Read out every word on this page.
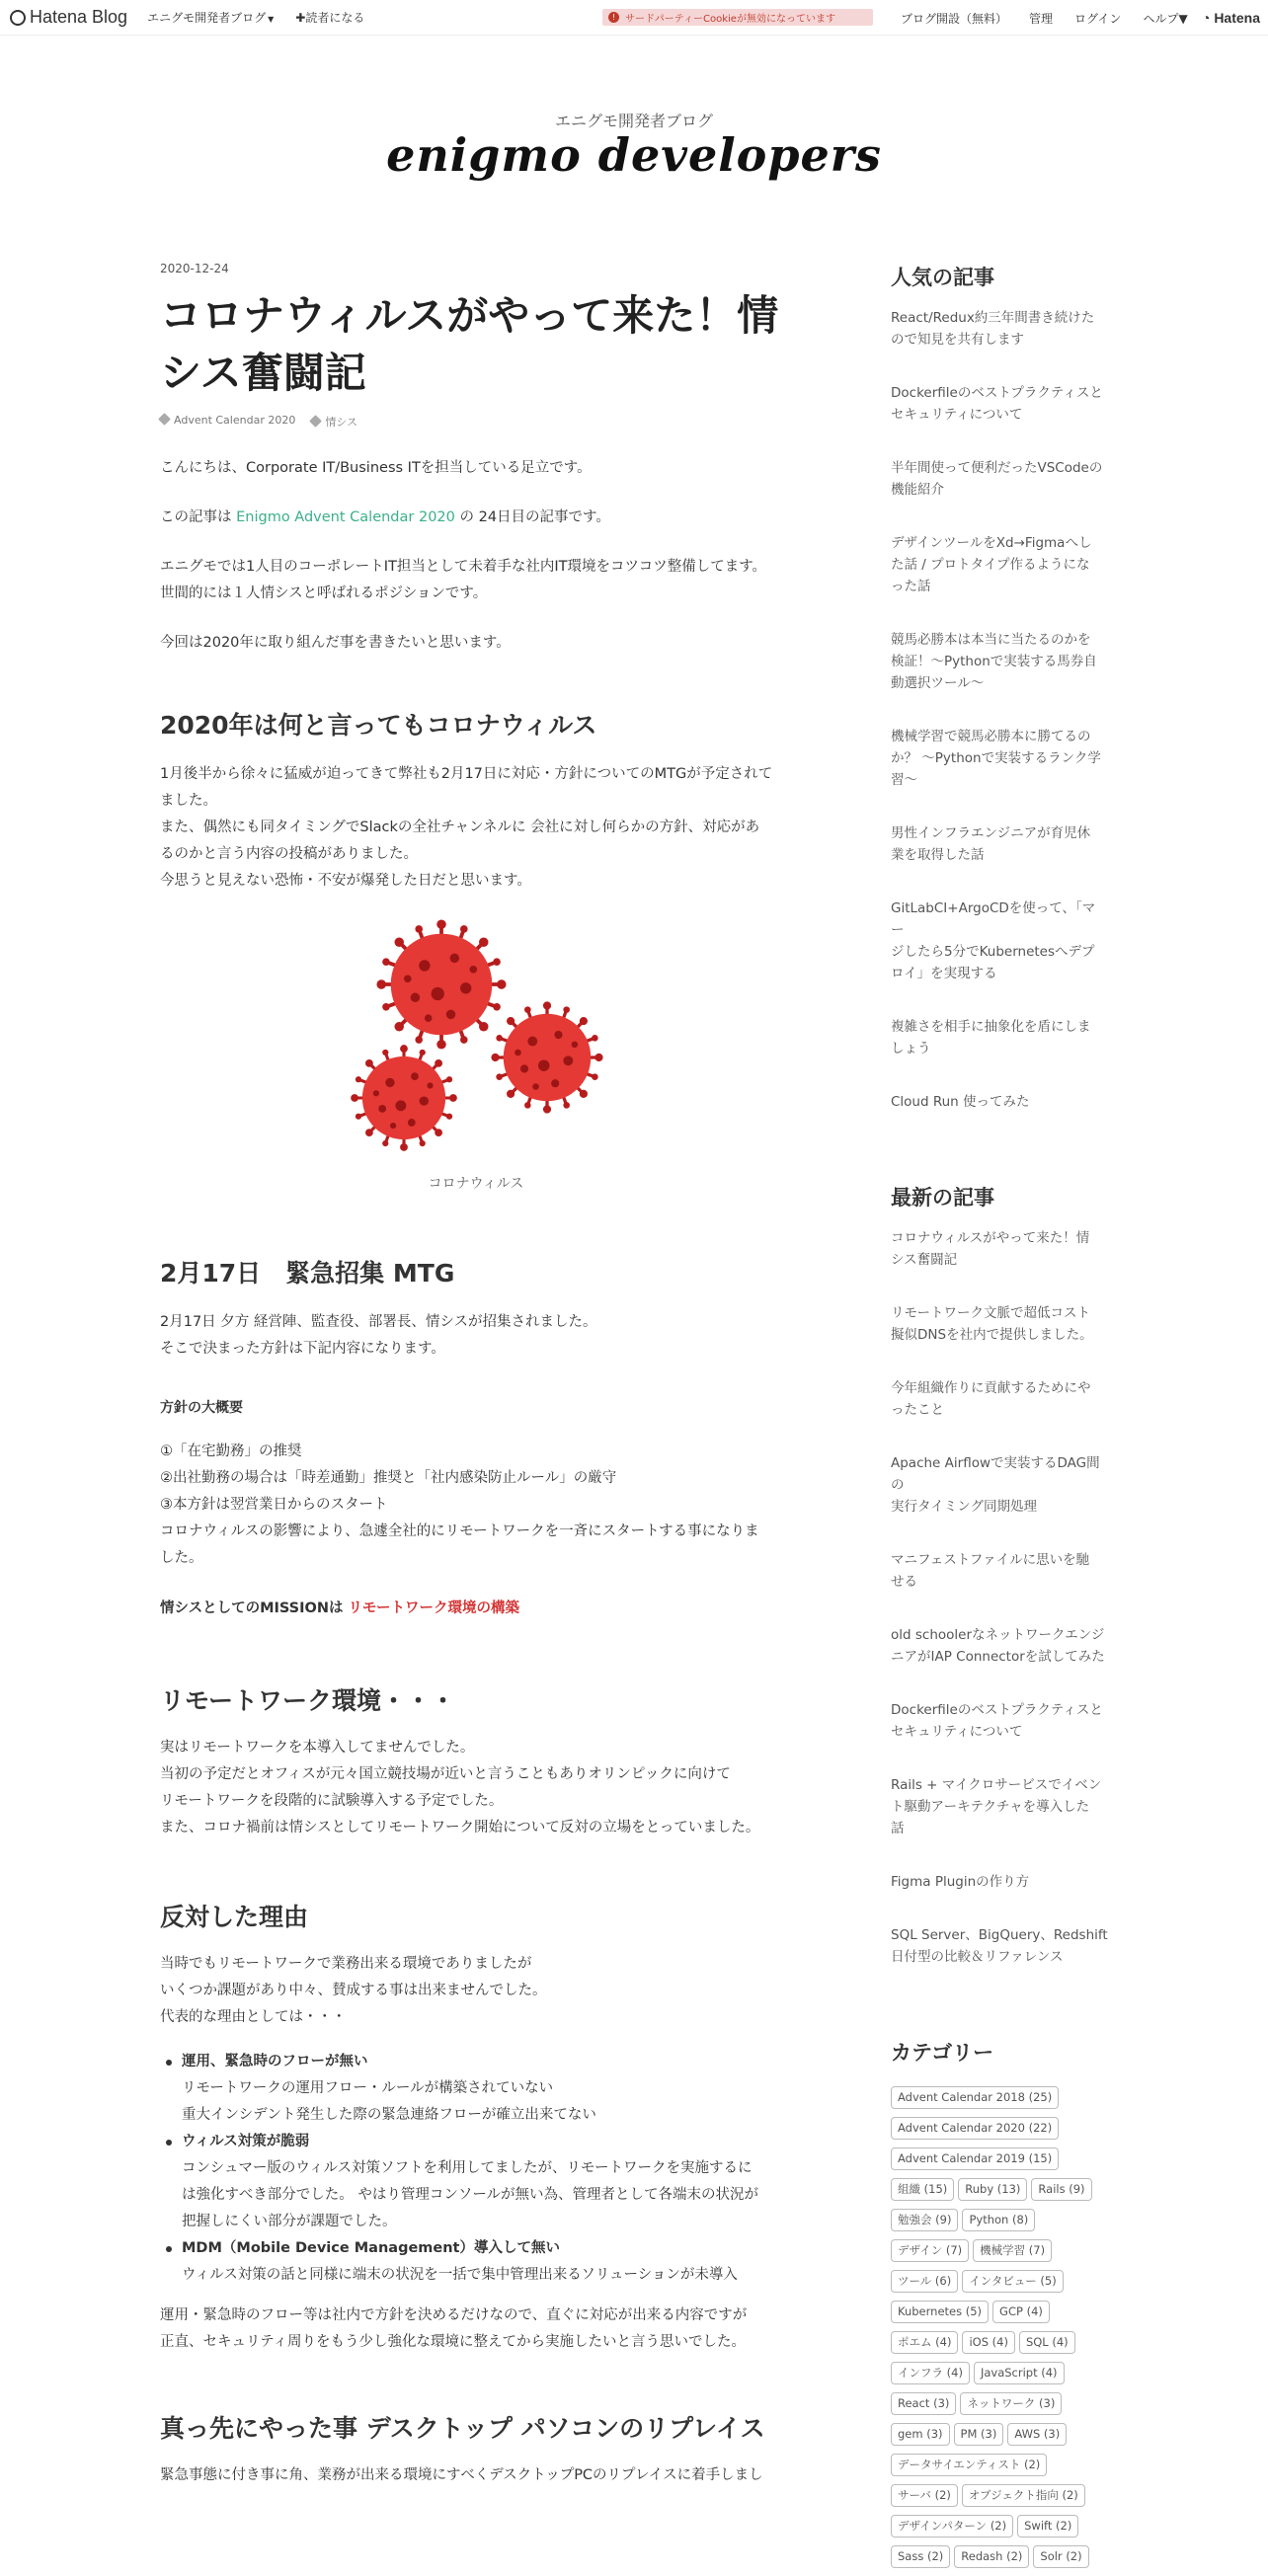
Hatena Blog エニグモ開発者ブログ ▼ ✚読者になる	! サードパーティーCookieが無効になっています	ブログ開設（無料） 管理 ログイン ヘルプ▼ ◔ Hatena
エニグモ開発者ブログ
enigmo developers
2020-12-24
コロナウィルスがやって来た！情
シス奮闘記
Advent Calendar 2020	情シス
こんにちは、Corporate IT/Business ITを担当している足立です。
この記事は Enigmo Advent Calendar 2020 の 24日目の記事です。
エニグモでは1人目のコーポレートIT担当として未着手な社内IT環境をコツコツ整備してます。
世間的には１人情シスと呼ばれるポジションです。
今回は2020年に取り組んだ事を書きたいと思います。
2020年は何と言ってもコロナウィルス
1月後半から徐々に猛威が迫ってきて弊社も2月17日に対応・方針についてのMTGが予定されて
ました。
また、偶然にも同タイミングでSlackの全社チャンネルに 会社に対し何らかの方針、対応があ
るのかと言う内容の投稿がありました。
今思うと見えない恐怖・不安が爆発した日だと思います。
コロナウィルス
2月17日　緊急招集 MTG
2月17日 夕方 経営陣、監査役、部署長、情シスが招集されました。
そこで決まった方針は下記内容になります。
方針の大概要
①「在宅勤務」の推奨
②出社勤務の場合は「時差通勤」推奨と「社内感染防止ルール」の厳守
③本方針は翌営業日からのスタート
コロナウィルスの影響により、急遽全社的にリモートワークを一斉にスタートする事になりま
した。
情シスとしてのMISSIONは リモートワーク環境の構築
リモートワーク環境・・・
実はリモートワークを本導入してませんでした。
当初の予定だとオフィスが元々国立競技場が近いと言うこともありオリンピックに向けて
リモートワークを段階的に試験導入する予定でした。
また、コロナ禍前は情シスとしてリモートワーク開始について反対の立場をとっていました。
反対した理由
当時でもリモートワークで業務出来る環境でありましたが
いくつか課題があり中々、賛成する事は出来ませんでした。
代表的な理由としては・・・
運用、緊急時のフローが無い
リモートワークの運用フロー・ルールが構築されていない
重大インシデント発生した際の緊急連絡フローが確立出来てない
ウィルス対策が脆弱
コンシュマー版のウィルス対策ソフトを利用してましたが、リモートワークを実施するに
は強化すべき部分でした。 やはり管理コンソールが無い為、管理者として各端末の状況が
把握しにくい部分が課題でした。
MDM（Mobile Device Management）導入して無い
ウィルス対策の話と同様に端末の状況を一括で集中管理出来るソリューションが未導入
運用・緊急時のフロー等は社内で方針を決めるだけなので、直ぐに対応が出来る内容ですが
正直、セキュリティ周りをもう少し強化な環境に整えてから実施したいと言う思いでした。
真っ先にやった事 デスクトップ パソコンのリプレイス
緊急事態に付き事に角、業務が出来る環境にすべくデスクトップPCのリプレイスに着手しまし
人気の記事
React/Redux約三年間書き続けた
ので知見を共有します
Dockerfileのベストプラクティスと
セキュリティについて
半年間使って便利だったVSCodeの
機能紹介
デザインツールをXd→Figmaへし
た話 / プロトタイプ作るようにな
った話
競馬必勝本は本当に当たるのかを
検証！〜Pythonで実装する馬券自
動選択ツール〜
機械学習で競馬必勝本に勝てるの
か？ 〜Pythonで実装するランク学
習〜
男性インフラエンジニアが育児休
業を取得した話
GitLabCI+ArgoCDを使って、「マー
ジしたら5分でKubernetesへデプ
ロイ」を実現する
複雑さを相手に抽象化を盾にしま
しょう
Cloud Run 使ってみた
最新の記事
コロナウィルスがやって来た！情
シス奮闘記
リモートワーク文脈で超低コスト
擬似DNSを社内で提供しました。
今年組織作りに貢献するためにや
ったこと
Apache Airflowで実装するDAG間の
実行タイミング同期処理
マニフェストファイルに思いを馳
せる
old schoolerなネットワークエンジ
ニアがIAP Connectorを試してみた
Dockerfileのベストプラクティスと
セキュリティについて
Rails + マイクロサービスでイベン
ト駆動アーキテクチャを導入した
話
Figma Pluginの作り方
SQL Server、BigQuery、Redshift
日付型の比較＆リファレンス
カテゴリー
Advent Calendar 2018 (25)
Advent Calendar 2020 (22)
Advent Calendar 2019 (15)
組織 (15) Ruby (13) Rails (9)
勉強会 (9) Python (8)
デザイン (7) 機械学習 (7)
ツール (6) インタビュー (5)
Kubernetes (5) GCP (4)
ポエム (4) iOS (4) SQL (4)
インフラ (4) JavaScript (4)
React (3) ネットワーク (3)
gem (3) PM (3) AWS (3)
データサイエンティスト (2)
サーバ (2) オブジェクト指向 (2)
デザインパターン (2) Swift (2)
Sass (2) Redash (2) Solr (2)
